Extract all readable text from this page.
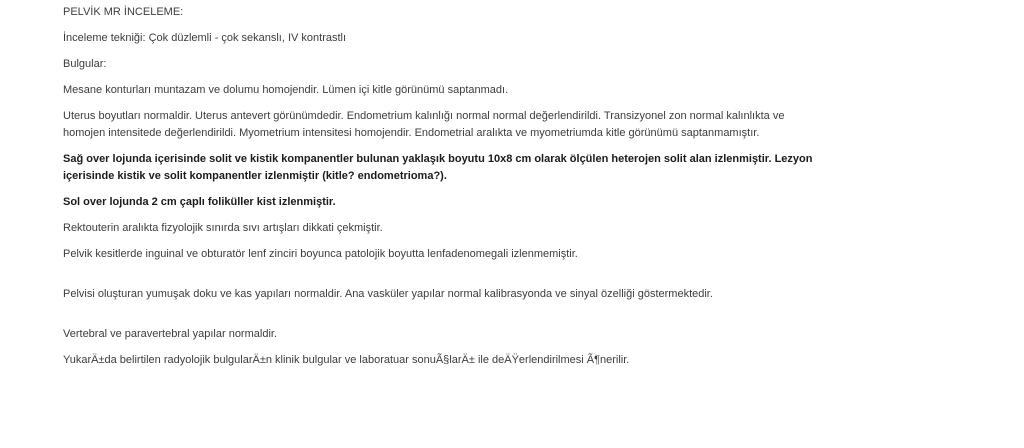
PELVİK MR İNCELEME:

İnceleme tekniği: Çok düzlemli - çok sekanslı, IV kontrastlı

Bulgular:

Mesane konturları muntazam ve dolumu homojendir. Lümen içi kitle görünümü saptanmadı.

Uterus boyutları normaldir. Uterus antevert görünümdedir. Endometrium kalınlığı normal normal değerlendirildi. Transizyonel zon normal kalınlıkta ve homojen intensitede değerlendirildi. Myometrium intensitesi homojendir. Endometrial aralıkta ve myometriumda kitle görünümü saptanmamıştır.

Sağ over lojunda içerisinde solit ve kistik kompanentler bulunan yaklaşık boyutu 10x8 cm olarak ölçülen heterojen solit alan izlenmiştir. Lezyon içerisinde kistik ve solit kompanentler izlenmiştir (kitle? endometrioma?).

Sol over lojunda 2 cm çaplı foliküller kist izlenmiştir.

Rektouterin aralıkta fizyolojik sınırda sıvı artışları dikkati çekmiştir.

Pelvik kesitlerde inguinal ve obturatör lenf zinciri boyunca patolojik boyutta lenfadenomegali izlenmemiştir.

Pelvisi oluşturan yumuşak doku ve kas yapıları normaldir. Ana vasküler yapılar normal kalibrasyonda ve sinyal özelliği göstermektedir.

Vertebral ve paravertebral yapılar normaldir.

YukarÄ±da belirtilen radyolojik bulgularÄ±n klinik bulgular ve laboratuar sonuÃ§larÄ± ile deÄŸerlendirilmesi Ã¶nerilir.
